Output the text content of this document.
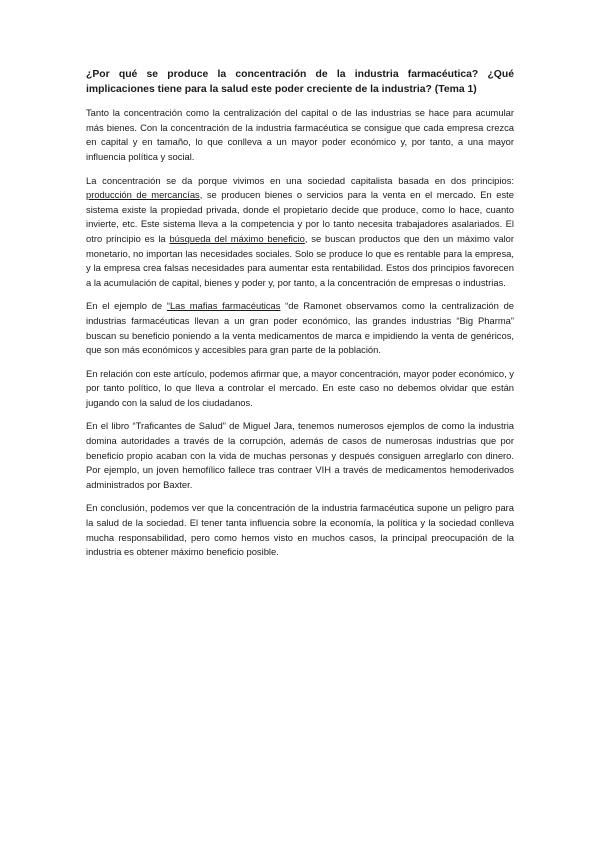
¿Por qué se produce la concentración de la industria farmacéutica? ¿Qué implicaciones tiene para la salud este poder creciente de la industria? (Tema 1)
Tanto la concentración como la centralización del capital o de las industrias se hace para acumular más bienes. Con la concentración de la industria farmacéutica se consigue que cada empresa crezca en capital y en tamaño, lo que conlleva a un mayor poder económico y, por tanto, a una mayor influencia política y social.
La concentración se da porque vivimos en una sociedad capitalista basada en dos principios: producción de mercancías, se producen bienes o servicios para la venta en el mercado. En este sistema existe la propiedad privada, donde el propietario decide que produce, como lo hace, cuanto invierte, etc. Este sistema lleva a la competencia y por lo tanto necesita trabajadores asalariados. El otro principio es la búsqueda del máximo beneficio, se buscan productos que den un máximo valor monetario, no importan las necesidades sociales. Solo se produce lo que es rentable para la empresa, y la empresa crea falsas necesidades para aumentar esta rentabilidad. Estos dos principios favorecen a la acumulación de capital, bienes y poder y, por tanto, a la concentración de empresas o industrias.
En el ejemplo de “Las mafias farmacéuticas “de Ramonet observamos como la centralización de industrias farmacéuticas llevan a un gran poder económico, las grandes industrias “Big Pharma” buscan su beneficio poniendo a la venta medicamentos de marca e impidiendo la venta de genéricos, que son más económicos y accesibles para gran parte de la población.
En relación con este artículo, podemos afirmar que, a mayor concentración, mayor poder económico, y por tanto político, lo que lleva a controlar el mercado. En este caso no debemos olvidar que están jugando con la salud de los ciudadanos.
En el libro “Traficantes de Salud” de Miguel Jara, tenemos numerosos ejemplos de como la industria domina autoridades a través de la corrupción, además de casos de numerosas industrias que por beneficio propio acaban con la vida de muchas personas y después consiguen arreglarlo con dinero. Por ejemplo, un joven hemofílico fallece tras contraer VIH a través de medicamentos hemoderivados administrados por Baxter.
En conclusión, podemos ver que la concentración de la industria farmacéutica supone un peligro para la salud de la sociedad. El tener tanta influencia sobre la economía, la política y la sociedad conlleva mucha responsabilidad, pero como hemos visto en muchos casos, la principal preocupación de la industria es obtener máximo beneficio posible.
